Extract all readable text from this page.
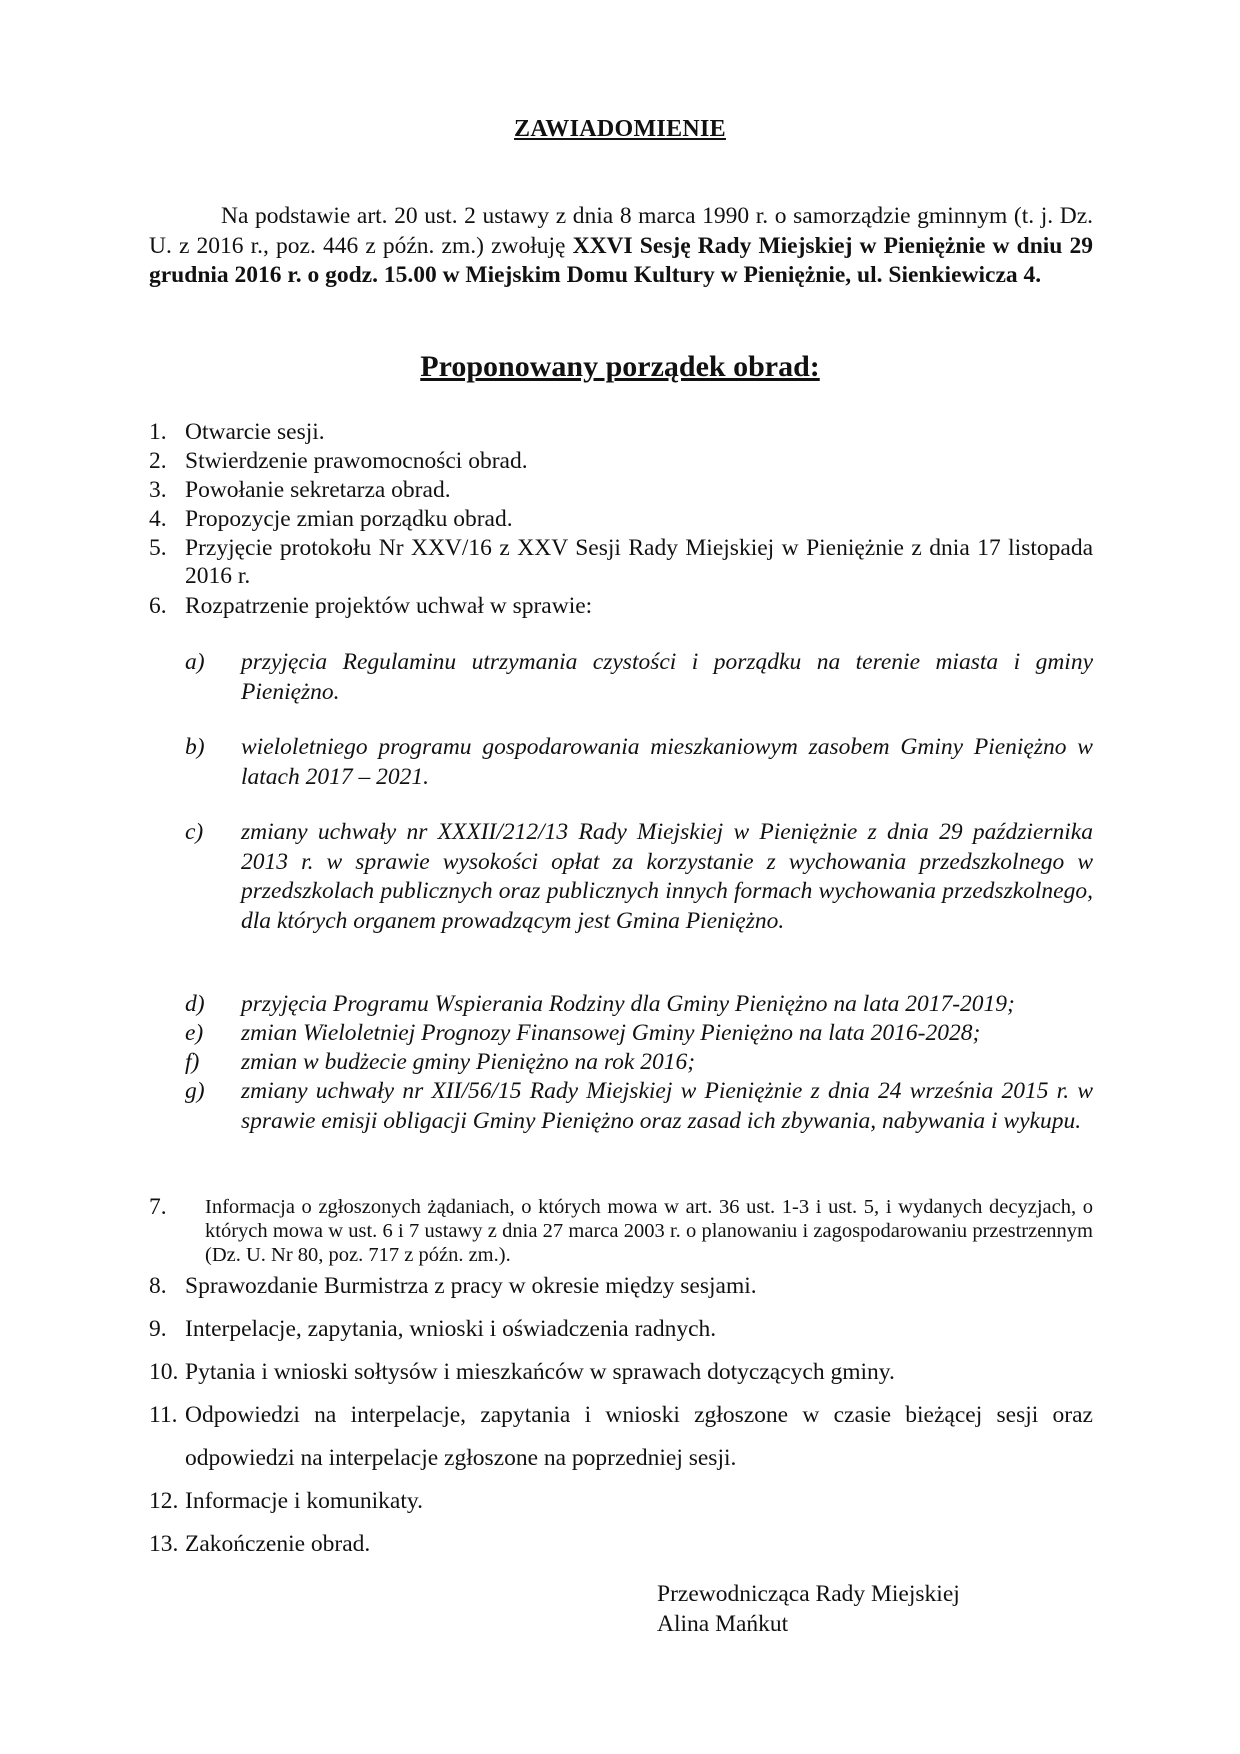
ZAWIADOMIENIE
Na podstawie art. 20 ust. 2 ustawy z dnia 8 marca 1990 r. o samorządzie gminnym (t. j. Dz. U. z 2016 r., poz. 446 z późn. zm.) zwołuję XXVI Sesję Rady Miejskiej w Pieniężnie w dniu 29 grudnia 2016 r. o godz. 15.00 w Miejskim Domu Kultury w Pieniężnie, ul. Sienkiewicza 4.
Proponowany porządek obrad:
1. Otwarcie sesji.
2. Stwierdzenie prawomocności obrad.
3. Powołanie sekretarza obrad.
4. Propozycje zmian porządku obrad.
5. Przyjęcie protokołu Nr XXV/16 z XXV Sesji Rady Miejskiej w Pieniężnie z dnia 17 listopada 2016 r.
6. Rozpatrzenie projektów uchwał w sprawie:
a) przyjęcia Regulaminu utrzymania czystości i porządku na terenie miasta i gminy Pieniężno.
b) wieloletniego programu gospodarowania mieszkaniowym zasobem Gminy Pieniężno w latach 2017 – 2021.
c) zmiany uchwały nr XXXII/212/13 Rady Miejskiej w Pieniężnie z dnia 29 października 2013 r. w sprawie wysokości opłat za korzystanie z wychowania przedszkolnego w przedszkolach publicznych oraz publicznych innych formach wychowania przedszkolnego, dla których organem prowadzącym jest Gmina Pieniężno.
d) przyjęcia Programu Wspierania Rodziny dla Gminy Pieniężno na lata 2017-2019;
e) zmian Wieloletniej Prognozy Finansowej Gminy Pieniężno na lata 2016-2028;
f) zmian w budżecie gminy Pieniężno na rok 2016;
g) zmiany uchwały nr XII/56/15 Rady Miejskiej w Pieniężnie z dnia 24 września 2015 r. w sprawie emisji obligacji Gminy Pieniężno oraz zasad ich zbywania, nabywania i wykupu.
7. Informacja o zgłoszonych żądaniach, o których mowa w art. 36 ust. 1-3 i ust. 5, i wydanych decyzjach, o których mowa w ust. 6 i 7 ustawy z dnia 27 marca 2003 r. o planowaniu i zagospodarowaniu przestrzennym (Dz. U. Nr 80, poz. 717 z późn. zm.).
8. Sprawozdanie Burmistrza z pracy w okresie między sesjami.
9. Interpelacje, zapytania, wnioski i oświadczenia radnych.
10. Pytania i wnioski sołtysów i mieszkańców w sprawach dotyczących gminy.
11. Odpowiedzi na interpelacje, zapytania i wnioski zgłoszone w czasie bieżącej sesji oraz odpowiedzi na interpelacje zgłoszone na poprzedniej sesji.
12. Informacje i komunikaty.
13. Zakończenie obrad.
Przewodnicząca Rady Miejskiej
Alina Mańkut
